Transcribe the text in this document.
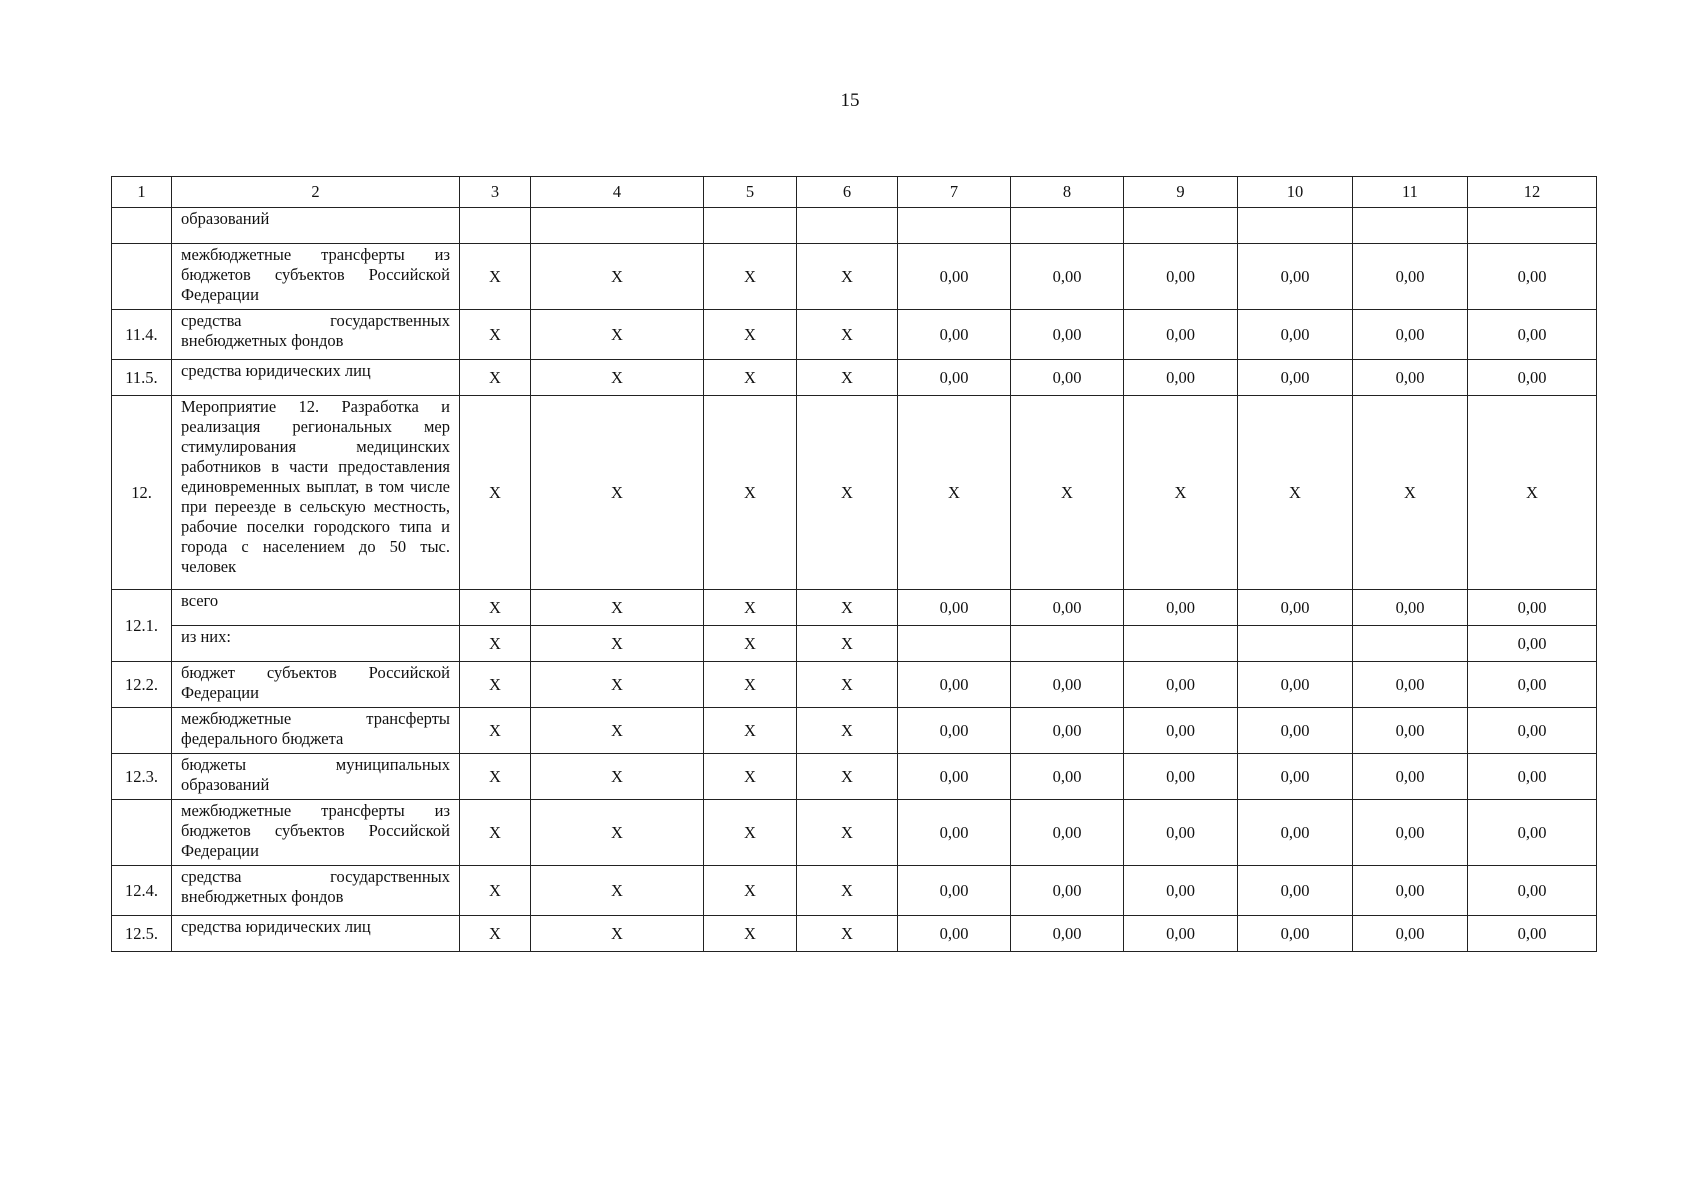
15
1	2	3	4	5	6	7	8	9	10	11	12
	образований										
	межбюджетные трансферты из бюджетов субъектов Российской Федерации	X	X	X	X	0,00	0,00	0,00	0,00	0,00	0,00
11.4.	средства государственных внебюджетных фондов	X	X	X	X	0,00	0,00	0,00	0,00	0,00	0,00
11.5.	средства юридических лиц	X	X	X	X	0,00	0,00	0,00	0,00	0,00	0,00
12.	Мероприятие 12. Разработка и реализация региональных мер стимулирования медицинских работников в части предоставления единовременных выплат, в том числе при переезде в сельскую местность, рабочие поселки городского типа и города с населением до 50 тыс. человек	X	X	X	X	X	X	X	X	X	X
12.1.	всего	X	X	X	X	0,00	0,00	0,00	0,00	0,00	0,00
	из них:	X	X	X	X						0,00
12.2.	бюджет субъектов Российской Федерации	X	X	X	X	0,00	0,00	0,00	0,00	0,00	0,00
	межбюджетные трансферты федерального бюджета	X	X	X	X	0,00	0,00	0,00	0,00	0,00	0,00
12.3.	бюджеты муниципальных образований	X	X	X	X	0,00	0,00	0,00	0,00	0,00	0,00
	межбюджетные трансферты из бюджетов субъектов Российской Федерации	X	X	X	X	0,00	0,00	0,00	0,00	0,00	0,00
12.4.	средства государственных внебюджетных фондов	X	X	X	X	0,00	0,00	0,00	0,00	0,00	0,00
12.5.	средства юридических лиц	X	X	X	X	0,00	0,00	0,00	0,00	0,00	0,00
